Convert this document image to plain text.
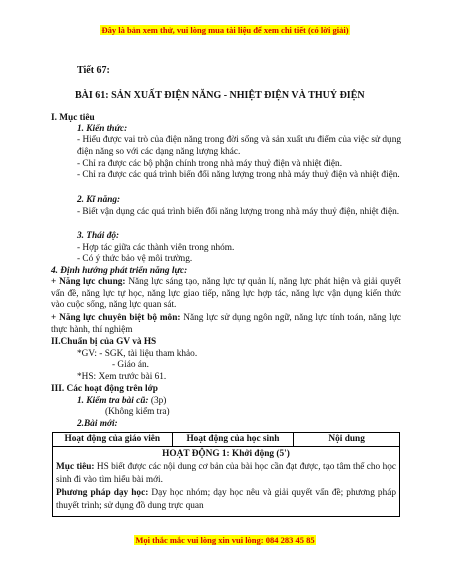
Đây là bản xem thử, vui lòng mua tài liệu để xem chi tiết (có lời giải)
Tiết 67:
BÀI 61: SẢN XUẤT ĐIỆN NĂNG - NHIỆT ĐIỆN VÀ THUỶ ĐIỆN
I. Mục tiêu
1. Kiến thức:
- Hiểu được vai trò của điện năng trong đời sống và sản xuất ưu điểm của việc sử dụng điện năng so với các dạng năng lượng khác.
- Chỉ ra được các bộ phận chính trong nhà máy thuỷ điện và nhiệt điện.
- Chỉ ra được các quá trình biến đổi năng lượng trong nhà máy thuỷ điện và nhiệt điện.
2. Kĩ năng:
- Biết vận dụng các quá trình biến đổi năng lượng trong nhà máy thuỷ điện, nhiệt điện.
3. Thái độ:
- Hợp tác giữa các thành viên trong nhóm.
- Có ý thức bảo vệ môi trường.
4. Định hướng phát triển năng lực:
+ Năng lực chung: Năng lực sáng tạo, năng lực tự quản lí, năng lực phát hiện và giải quyết vấn đề, năng lực tự học, năng lực giao tiếp, năng lực hợp tác, năng lực vận dụng kiến thức vào cuộc sống, năng lực quan sát.
+ Năng lực chuyên biệt bộ môn: Năng lực sử dụng ngôn ngữ, năng lực tính toán, năng lực thực hành, thí nghiệm
II.Chuẩn bị của GV và HS
*GV: - SGK, tài liệu tham khảo.
- Giáo án.
*HS: Xem trước bài 61.
III. Các hoạt động trên lớp
1. Kiểm tra bài cũ: (3p)
(Không kiểm tra)
2.Bài mới:
Hoạt động của giáo viên	Hoạt động của học sinh	Nội dung

HOẠT ĐỘNG 1: Khởi động (5')
Mục tiêu: HS biết được các nội dung cơ bản của bài học cần đạt được, tạo tâm thế cho học sinh đi vào tìm hiểu bài mới.
Phương pháp dạy học: Dạy học nhóm; dạy học nêu và giải quyết vấn đề; phương pháp thuyết trình; sử dụng đồ dung trực quan
Mọi thắc mắc vui lòng xin vui lòng: 084 283 45 85
